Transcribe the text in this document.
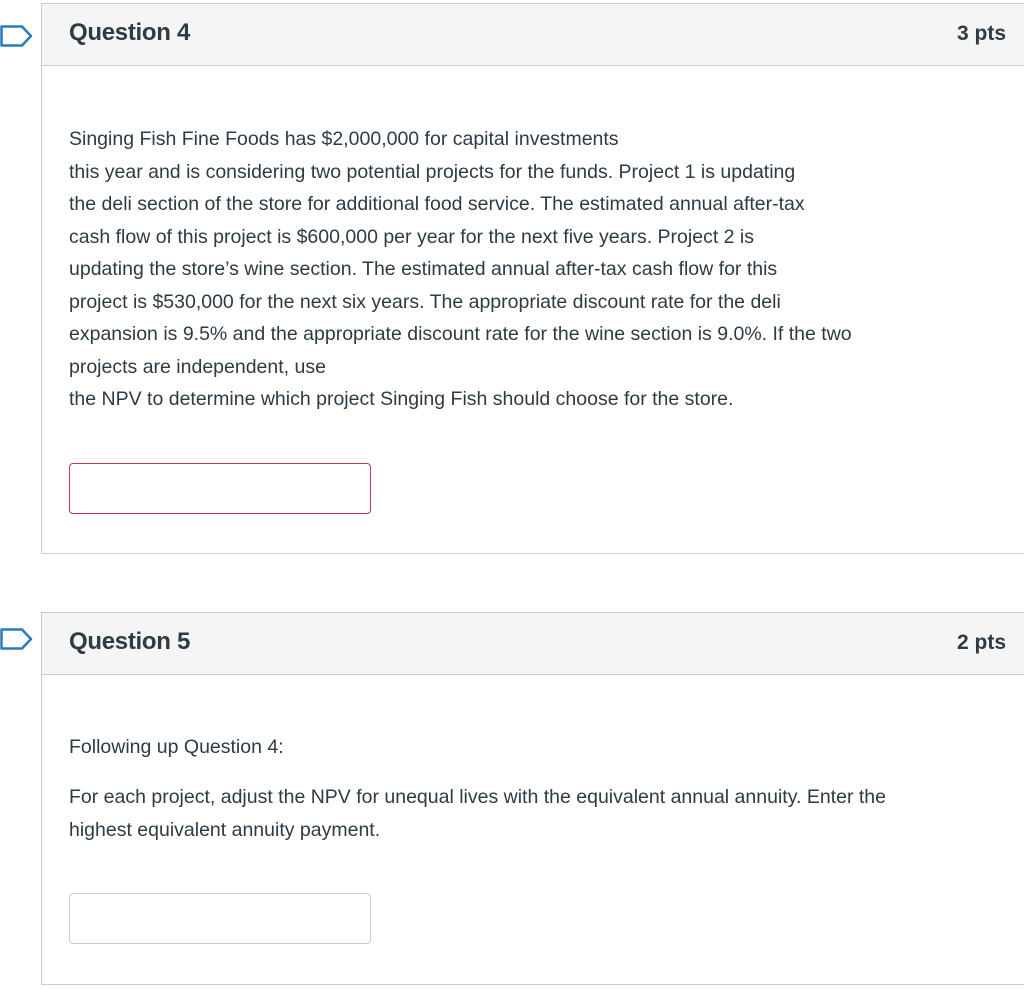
Question 4	3 pts
Singing Fish Fine Foods has $2,000,000 for capital investments
this year and is considering two potential projects for the funds. Project 1 is updating
the deli section of the store for additional food service. The estimated annual after-tax
cash flow of this project is $600,000 per year for the next five years. Project 2 is
updating the store’s wine section. The estimated annual after-tax cash flow for this
project is $530,000 for the next six years. The appropriate discount rate for the deli
expansion is 9.5% and the appropriate discount rate for the wine section is 9.0%. If the two
projects are independent, use
the NPV to determine which project Singing Fish should choose for the store.
Question 5	2 pts
Following up Question 4:
For each project, adjust the NPV for unequal lives with the equivalent annual annuity. Enter the
highest equivalent annuity payment.
